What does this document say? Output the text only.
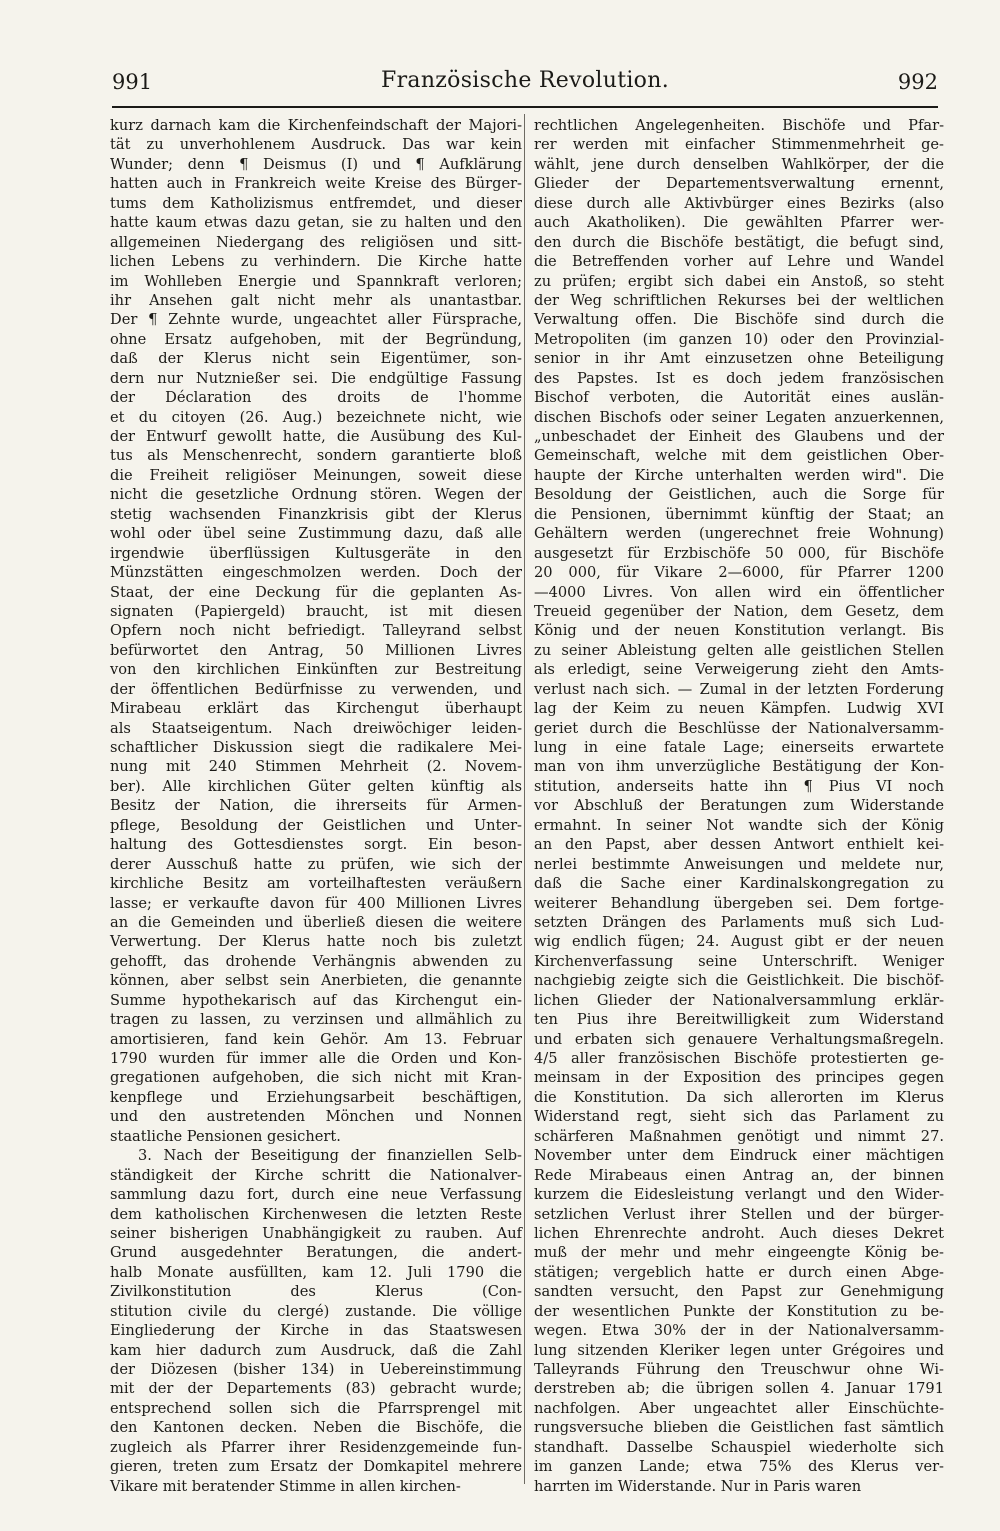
991	Französische Revolution.	992
kurz darnach kam die Kirchenfeindschaft der Majori-
tät zu unverhohlenem Ausdruck. Das war kein
Wunder; denn ¶ Deismus (I) und ¶ Aufklärung
hatten auch in Frankreich weite Kreise des Bürger-
tums dem Katholizismus entfremdet, und dieser
hatte kaum etwas dazu getan, sie zu halten und den
allgemeinen Niedergang des religiösen und sitt-
lichen Lebens zu verhindern. Die Kirche hatte
im Wohlleben Energie und Spannkraft verloren;
ihr Ansehen galt nicht mehr als unantastbar.
Der ¶ Zehnte wurde, ungeachtet aller Fürsprache,
ohne Ersatz aufgehoben, mit der Begründung,
daß der Klerus nicht sein Eigentümer, son-
dern nur Nutznießer sei. Die endgültige Fassung
der Déclaration des droits de l'homme
et du citoyen (26. Aug.) bezeichnete nicht, wie
der Entwurf gewollt hatte, die Ausübung des Kul-
tus als Menschenrecht, sondern garantierte bloß
die Freiheit religiöser Meinungen, soweit diese
nicht die gesetzliche Ordnung stören. Wegen der
stetig wachsenden Finanzkrisis gibt der Klerus
wohl oder übel seine Zustimmung dazu, daß alle
irgendwie überflüssigen Kultusgeräte in den
Münzstätten eingeschmolzen werden. Doch der
Staat, der eine Deckung für die geplanten As-
signaten (Papiergeld) braucht, ist mit diesen
Opfern noch nicht befriedigt. Talleyrand selbst
befürwortet den Antrag, 50 Millionen Livres
von den kirchlichen Einkünften zur Bestreitung
der öffentlichen Bedürfnisse zu verwenden, und
Mirabeau erklärt das Kirchengut überhaupt
als Staatseigentum. Nach dreiwöchiger leiden-
schaftlicher Diskussion siegt die radikalere Mei-
nung mit 240 Stimmen Mehrheit (2. Novem-
ber). Alle kirchlichen Güter gelten künftig als
Besitz der Nation, die ihrerseits für Armen-
pflege, Besoldung der Geistlichen und Unter-
haltung des Gottesdienstes sorgt. Ein beson-
derer Ausschuß hatte zu prüfen, wie sich der
kirchliche Besitz am vorteilhaftesten veräußern
lasse; er verkaufte davon für 400 Millionen Livres
an die Gemeinden und überließ diesen die weitere
Verwertung. Der Klerus hatte noch bis zuletzt
gehofft, das drohende Verhängnis abwenden zu
können, aber selbst sein Anerbieten, die genannte
Summe hypothekarisch auf das Kirchengut ein-
tragen zu lassen, zu verzinsen und allmählich zu
amortisieren, fand kein Gehör. Am 13. Februar
1790 wurden für immer alle die Orden und Kon-
gregationen aufgehoben, die sich nicht mit Kran-
kenpflege und Erziehungsarbeit beschäftigen,
und den austretenden Mönchen und Nonnen
staatliche Pensionen gesichert.
3. Nach der Beseitigung der finanziellen Selb-
ständigkeit der Kirche schritt die Nationalver-
sammlung dazu fort, durch eine neue Verfassung
dem katholischen Kirchenwesen die letzten Reste
seiner bisherigen Unabhängigkeit zu rauben. Auf
Grund ausgedehnter Beratungen, die andert-
halb Monate ausfüllten, kam 12. Juli 1790 die
Zivilkonstitution des Klerus (Con-
stitution civile du clergé) zustande. Die völlige
Eingliederung der Kirche in das Staatswesen
kam hier dadurch zum Ausdruck, daß die Zahl
der Diözesen (bisher 134) in Uebereinstimmung
mit der der Departements (83) gebracht wurde;
entsprechend sollen sich die Pfarrsprengel mit
den Kantonen decken. Neben die Bischöfe, die
zugleich als Pfarrer ihrer Residenzgemeinde fun-
gieren, treten zum Ersatz der Domkapitel mehrere
Vikare mit beratender Stimme in allen kirchen-
rechtlichen Angelegenheiten. Bischöfe und Pfar-
rer werden mit einfacher Stimmenmehrheit ge-
wählt, jene durch denselben Wahlkörper, der die
Glieder der Departementsverwaltung ernennt,
diese durch alle Aktivbürger eines Bezirks (also
auch Akatholiken). Die gewählten Pfarrer wer-
den durch die Bischöfe bestätigt, die befugt sind,
die Betreffenden vorher auf Lehre und Wandel
zu prüfen; ergibt sich dabei ein Anstoß, so steht
der Weg schriftlichen Rekurses bei der weltlichen
Verwaltung offen. Die Bischöfe sind durch die
Metropoliten (im ganzen 10) oder den Provinzial-
senior in ihr Amt einzusetzen ohne Beteiligung
des Papstes. Ist es doch jedem französischen
Bischof verboten, die Autorität eines auslän-
dischen Bischofs oder seiner Legaten anzuerkennen,
„unbeschadet der Einheit des Glaubens und der
Gemeinschaft, welche mit dem geistlichen Ober-
haupte der Kirche unterhalten werden wird". Die
Besoldung der Geistlichen, auch die Sorge für
die Pensionen, übernimmt künftig der Staat; an
Gehältern werden (ungerechnet freie Wohnung)
ausgesetzt für Erzbischöfe 50 000, für Bischöfe
20 000, für Vikare 2—6000, für Pfarrer 1200
—4000 Livres. Von allen wird ein öffentlicher
Treueid gegenüber der Nation, dem Gesetz, dem
König und der neuen Konstitution verlangt. Bis
zu seiner Ableistung gelten alle geistlichen Stellen
als erledigt, seine Verweigerung zieht den Amts-
verlust nach sich. — Zumal in der letzten Forderung
lag der Keim zu neuen Kämpfen. Ludwig XVI
geriet durch die Beschlüsse der Nationalversamm-
lung in eine fatale Lage; einerseits erwartete
man von ihm unverzügliche Bestätigung der Kon-
stitution, anderseits hatte ihn ¶ Pius VI noch
vor Abschluß der Beratungen zum Widerstande
ermahnt. In seiner Not wandte sich der König
an den Papst, aber dessen Antwort enthielt kei-
nerlei bestimmte Anweisungen und meldete nur,
daß die Sache einer Kardinalskongregation zu
weiterer Behandlung übergeben sei. Dem fortge-
setzten Drängen des Parlaments muß sich Lud-
wig endlich fügen; 24. August gibt er der neuen
Kirchenverfassung seine Unterschrift. Weniger
nachgiebig zeigte sich die Geistlichkeit. Die bischöf-
lichen Glieder der Nationalversammlung erklär-
ten Pius ihre Bereitwilligkeit zum Widerstand
und erbaten sich genauere Verhaltungsmaßregeln.
4/5 aller französischen Bischöfe protestierten ge-
meinsam in der Exposition des principes gegen
die Konstitution. Da sich allerorten im Klerus
Widerstand regt, sieht sich das Parlament zu
schärferen Maßnahmen genötigt und nimmt 27.
November unter dem Eindruck einer mächtigen
Rede Mirabeaus einen Antrag an, der binnen
kurzem die Eidesleistung verlangt und den Wider-
setzlichen Verlust ihrer Stellen und der bürger-
lichen Ehrenrechte androht. Auch dieses Dekret
muß der mehr und mehr eingeengte König be-
stätigen; vergeblich hatte er durch einen Abge-
sandten versucht, den Papst zur Genehmigung
der wesentlichen Punkte der Konstitution zu be-
wegen. Etwa 30% der in der Nationalversamm-
lung sitzenden Kleriker legen unter Grégoires und
Talleyrands Führung den Treuschwur ohne Wi-
derstreben ab; die übrigen sollen 4. Januar 1791
nachfolgen. Aber ungeachtet aller Einschüchte-
rungsversuche blieben die Geistlichen fast sämtlich
standhaft. Dasselbe Schauspiel wiederholte sich
im ganzen Lande; etwa 75% des Klerus ver-
harrten im Widerstande. Nur in Paris waren
